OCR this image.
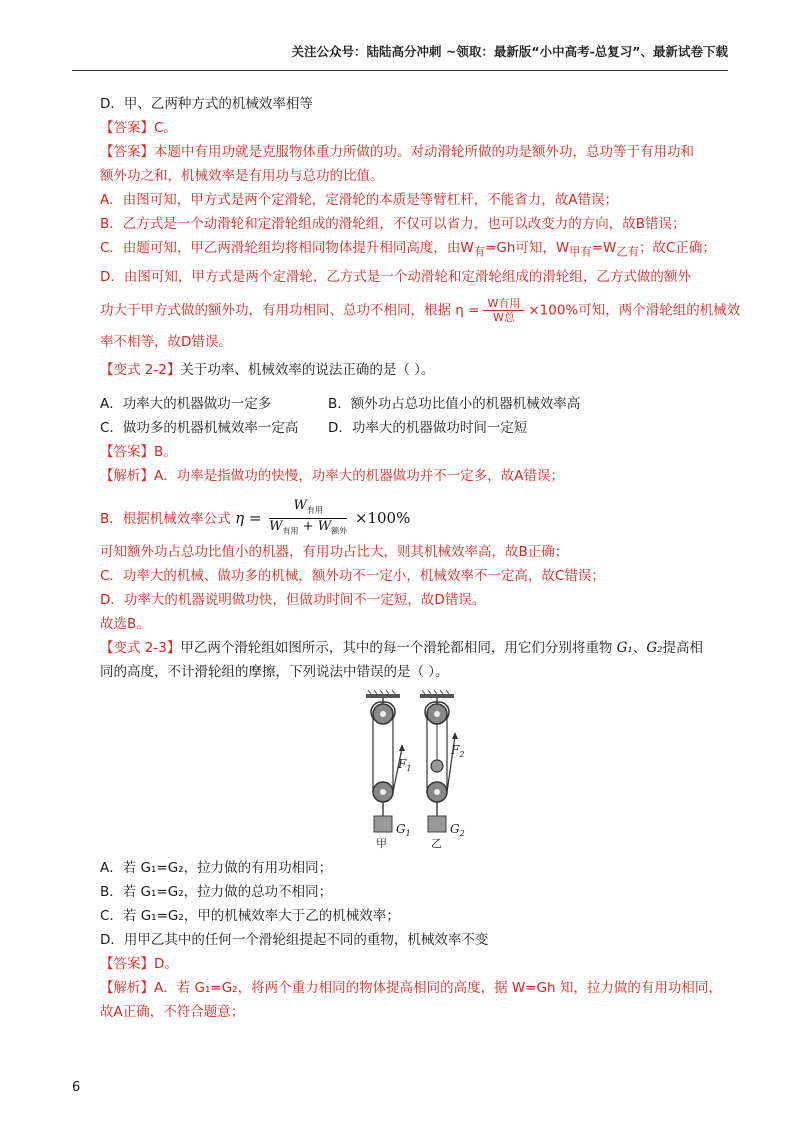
关注公众号：陆陆高分冲刺 ~领取：最新版“小中高考-总复习”、最新试卷下载
D．甲、乙两种方式的机械效率相等
【答案】C。
【答案】本题中有用功就是克服物体重力所做的功。对动滑轮所做的功是额外功，总功等于有用功和
额外功之和，机械效率是有用功与总功的比值。
A．由图可知，甲方式是两个定滑轮，定滑轮的本质是等臂杠杆，不能省力，故A错误；
B．乙方式是一个动滑轮和定滑轮组成的滑轮组，不仅可以省力，也可以改变力的方向，故B错误；
C．由题可知，甲乙两滑轮组均将相同物体提升相同高度，由$W_有=Gh$可知，$W_{甲有}=W_{乙有}$；故C正确；
D．由图可知，甲方式是两个定滑轮，乙方式是一个动滑轮和定滑轮组成的滑轮组，乙方式做的额外
功大于甲方式做的额外功，有用功相同、总功不相同，根据 $\eta = \frac{\text{W有用}}{\text{W总}} \times 100\%$可知，两个滑轮组的机械效
率不相等，故D错误。
【变式 2-2】关于功率、机械效率的说法正确的是（ ）。
A．功率大的机器做功一定多	B．额外功占总功比值小的机器机械效率高
C．做功多的机器机械效率一定高	D．功率大的机器做功时间一定短
【答案】B。
【解析】A．功率是指做功的快慢，功率大的机器做功并不一定多，故A错误；
B．根据机械效率公式 $\eta = \frac{W_{有用}}{W_{有用} + W_{额外}} \times 100\%$
可知额外功占总功比值小的机器，有用功占比大，则其机械效率高，故B正确；
C．功率大的机械、做功多的机械，额外功不一定小，机械效率不一定高，故C错误；
D．功率大的机器说明做功快，但做功时间不一定短，故D错误。
故选B。
【变式 2-3】甲乙两个滑轮组如图所示，其中的每一个滑轮都相同，用它们分别将重物 G₁、G₂提高相
同的高度，不计滑轮组的摩擦，下列说法中错误的是（ ）。
$F_1$
$G_1$
甲
$F_2$
$G_2$
乙
A．若 G₁=G₂，拉力做的有用功相同；
B．若 G₁=G₂，拉力做的总功不相同；
C．若 G₁=G₂，甲的机械效率大于乙的机械效率；
D．用甲乙其中的任何一个滑轮组提起不同的重物，机械效率不变
【答案】D。
【解析】A．若 G₁=G₂，将两个重力相同的物体提高相同的高度，据 W=Gh 知，拉力做的有用功相同，
故A正确，不符合题意；
6
